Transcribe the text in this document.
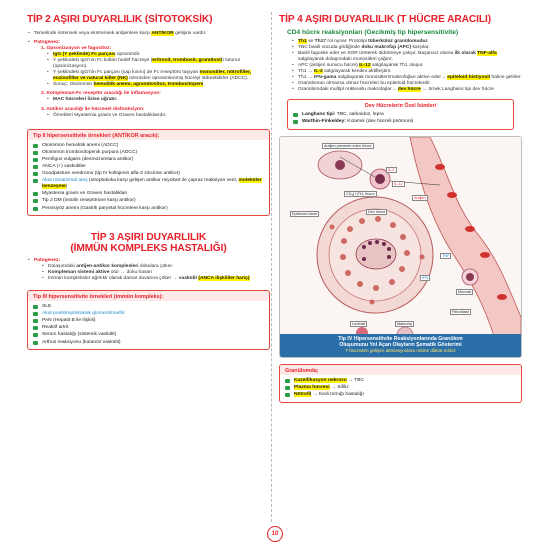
TİP 2 AŞIRI DUYARLILIK (SİTOTOKSİK)
• Temelinde intrensek veya ekstrensek antijenlere karşı ANTİKOR gelişimi vardır.
• Patogenez:
1. Opsonizasyon ve fagositoz:
• IgG (Y şeklinde) Fc parçası opsonindir.
• Y şeklindeki IgG'nin Fc kolları hedef hücreye (eritrosit, trombosit, granülosit) tutunur (opsonizasyon).
• Y şeklindeki IgG'nin Fc parçası (sap kısmı) de Fc reseptörü taşıyan monositler, nötrofiller, eozinofiller ve natural killer (NK) üzerinden opsoninlenmiş hücreyi öldürebilirler (ADCC).
• Sonuç: Otoimmün hemolitik anemi, agranülositoz, trombositopeni
2. Kompleman-Fc reseptör aracılığı ile inflamasyon:
• MAC hücreleri lizise uğratır.
3. Antikor aracılığı ile hücresel disfonksiyon:
• Örnekleri Myastenia gravis ve Graves hastalıklarıdır.
Tip II hipersensitivite örnekleri (ANTİKOR aracılı):
Otoimmün hemolitik anemi (ADCC)
Otoimmün trombositopenik purpura (ADCC)
Pemfigus vulgaris (desmozomlara antikor)
ANCA (+) vaskülitler
Goodpasture sendromu (tip IV kollajenin alfa-3 zincirine antikor)
Akut romatizmal ateş (streptokoka karşı gelişen antikor miyokart ile çapraz reaksiyon verir, moleküler benzeşme)
Myastenia gravis ve Graves hastalıkları
Tip 2 DM (insülin reseptörüne karşı antikor)
Pemisiyöz anemi (Gastrik paryetal hücrelere karşı antikor)
TİP 3 AŞIRI DUYARLILIK
(İMMÜN KOMPLEKS HASTALIĞI)
• Patogenez:
• Dolaşımdaki antijen-antikor komplesleri dokulara çöker.
• Kompleman sistemi aktive olur → doku hasarı
• İmmün kompleksler ağırlıklı olarak damar duvarına çöker → vaskülit (ANCA ilişkililer hariç)
Tip III hipersensitivite örnekleri (immün kompleks):
SLE
Akut poststreptokoksik glomerülonefrit
PAN (Hepatit B ile ilişkili)
Reaktif artrit
Serum hastalığı (sistemik vaskülit)
Arthus reaksiyonu (kutanöz vaskülit)
TİP 4 AŞIRI DUYARLILIK (T HÜCRE ARACILI)
CD4 hücre reaksiyonları (Gecikmiş tip hipersensitivite)
• Th1 ve Th17 rol oynar. Prototipi tüberküloz granülomudur.
• TBC basili vücuda girdiğinde doku makrofajı (APC) karşılar.
• Basili fagosite eder ve SOR üreterek öldürmeye çalışır. Başarısız olursa ilk olarak TNF-alfa salgılayarak dolaşımdaki monositleri çağırır.
• APC (antijen sunucu hücre) IL-12 salgılayarak Th1 oluşur.
• Th1 → IL-2 salgılayarak kendini aktifleştirir.
• Th1 → IFN-gama salgılayarak monositleri/makrofajları aktive eder→ epiteloid histiyosit haline gelirler.
• Granülomun olmazsa olmaz hücreleri bu epiteloid hücrelerdir.
• Granülomdaki multipl nükleuslu makrofajlar→ dev hücre → örnek Langhans tipi dev hücre
Dev Hücrelerin Özel İsimleri
Langhans tipi: TBC, sarkoidoz, lepra
Warthin-Finkeldey: Kızamık (dev hücreli pnömoni)
Antijen prezente eden hücre
CD₄(+)TH₁ hücre
IL-2
IL-12
Dev hücre
Antijen
Epiteloid hücre
TNF
IFN
Monosit
Fibroblast
Lenfosit	Makrofaj
Tip IV Hipersensitivite Reaksiyonlarında Granülom
Oluşumunu Yol Açan Olayların Şematik Gösterimi
T-hücreden gelişen aktivasyonlara rolüne dikkat ediniz
Granülomda;
Kazeifikasyon nekrozu → TBC
Plazma hücresi → Sifiliz
Nötrofil → Kedi tırmığı hastalığı
10
